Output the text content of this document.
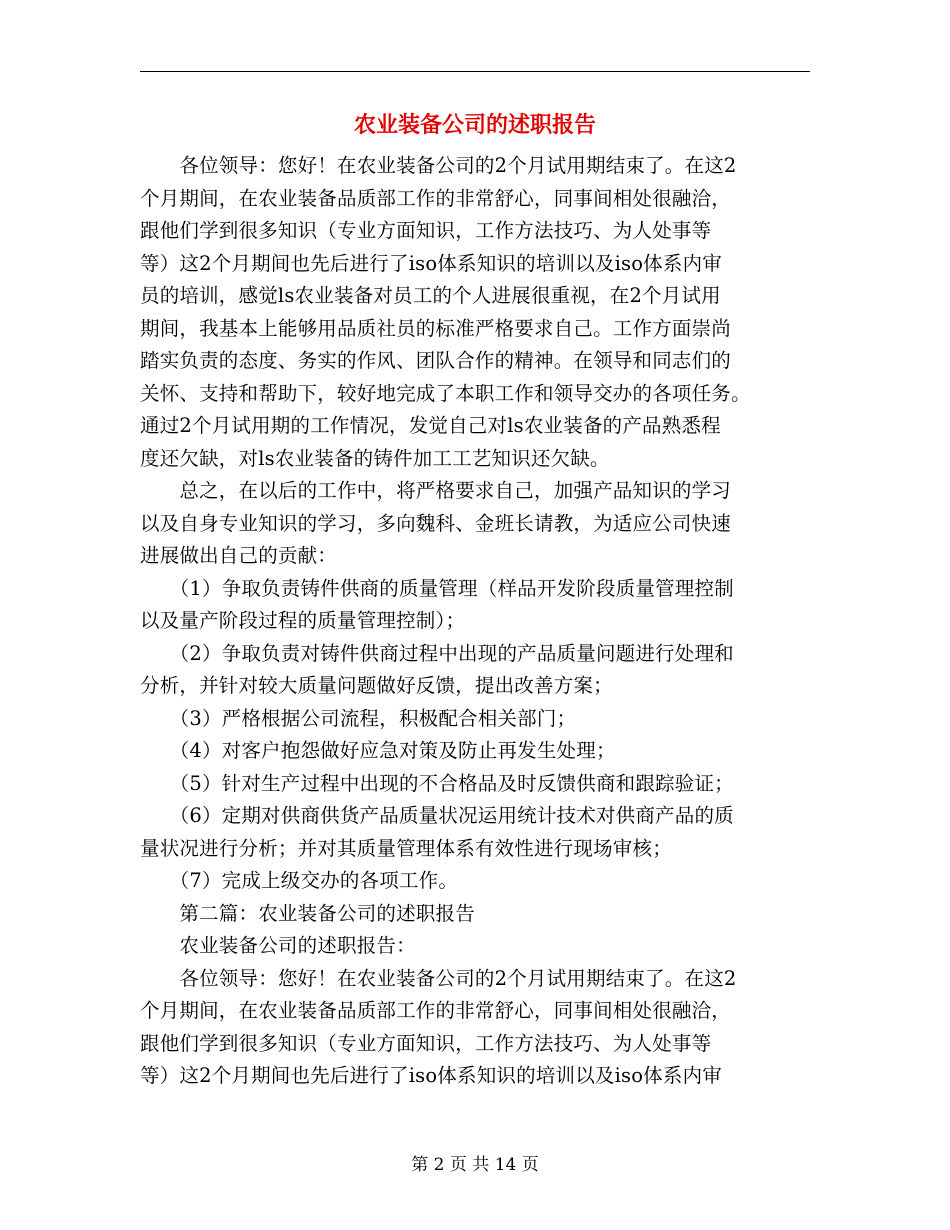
农业装备公司的述职报告
　　各位领导：您好！在农业装备公司的2个月试用期结束了。在这2
个月期间，在农业装备品质部工作的非常舒心，同事间相处很融洽，
跟他们学到很多知识（专业方面知识，工作方法技巧、为人处事等
等）这2个月期间也先后进行了iso体系知识的培训以及iso体系内审
员的培训，感觉ls农业装备对员工的个人进展很重视，在2个月试用
期间，我基本上能够用品质社员的标准严格要求自己。工作方面崇尚
踏实负责的态度、务实的作风、团队合作的精神。在领导和同志们的
关怀、支持和帮助下，较好地完成了本职工作和领导交办的各项任务。
通过2个月试用期的工作情况，发觉自己对ls农业装备的产品熟悉程
度还欠缺，对ls农业装备的铸件加工工艺知识还欠缺。
　　总之，在以后的工作中，将严格要求自己，加强产品知识的学习
以及自身专业知识的学习，多向魏科、金班长请教，为适应公司快速
进展做出自己的贡献：
　　（1）争取负责铸件供商的质量管理（样品开发阶段质量管理控制
以及量产阶段过程的质量管理控制）；
　　（2）争取负责对铸件供商过程中出现的产品质量问题进行处理和
分析，并针对较大质量问题做好反馈，提出改善方案；
　　（3）严格根据公司流程，积极配合相关部门；
　　（4）对客户抱怨做好应急对策及防止再发生处理；
　　（5）针对生产过程中出现的不合格品及时反馈供商和跟踪验证；
　　（6）定期对供商供货产品质量状况运用统计技术对供商产品的质
量状况进行分析；并对其质量管理体系有效性进行现场审核；
　　（7）完成上级交办的各项工作。
　　第二篇：农业装备公司的述职报告
　　农业装备公司的述职报告：
　　各位领导：您好！在农业装备公司的2个月试用期结束了。在这2
个月期间，在农业装备品质部工作的非常舒心，同事间相处很融洽，
跟他们学到很多知识（专业方面知识，工作方法技巧、为人处事等
等）这2个月期间也先后进行了iso体系知识的培训以及iso体系内审
第 2 页 共 14 页
